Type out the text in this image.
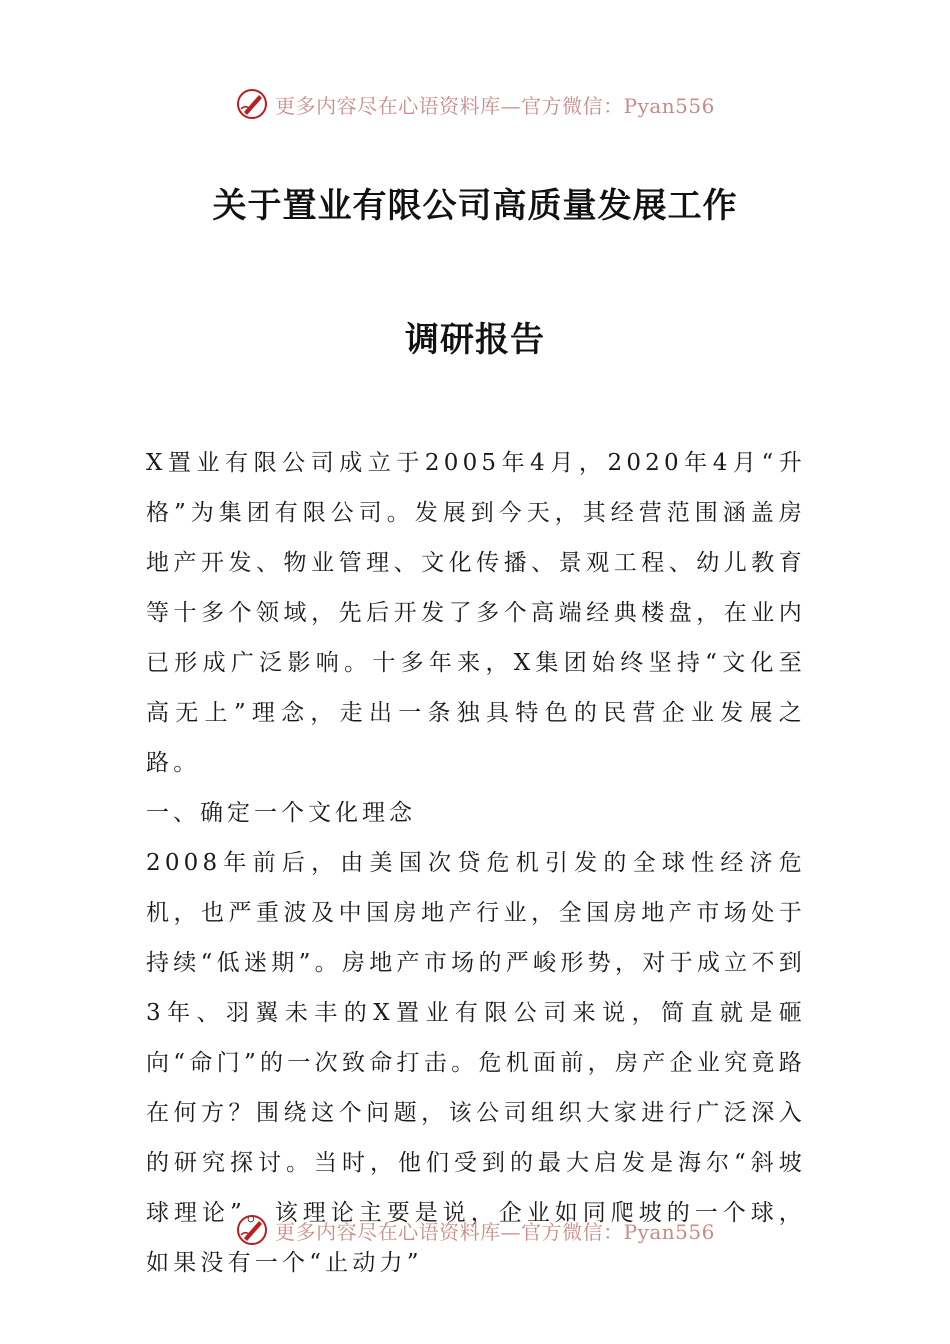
更多内容尽在心语资料库—官方微信：Pyan556
关于置业有限公司高质量发展工作
调研报告

X置业有限公司成立于2005年4月，2020年4月“升格”为集团有限公司。发展到今天，其经营范围涵盖房地产开发、物业管理、文化传播、景观工程、幼儿教育等十多个领域，先后开发了多个高端经典楼盘，在业内已形成广泛影响。十多年来，X集团始终坚持“文化至高无上”理念，走出一条独具特色的民营企业发展之路。

一、确定一个文化理念

2008年前后，由美国次贷危机引发的全球性经济危机，也严重波及中国房地产行业，全国房地产市场处于持续“低迷期”。房地产市场的严峻形势，对于成立不到3年、羽翼未丰的X置业有限公司来说，简直就是砸向“命门”的一次致命打击。危机面前，房产企业究竟路在何方？围绕这个问题，该公司组织大家进行广泛深入的研究探讨。当时，他们受到的最大启发是海尔“斜坡球理论”。该理论主要是说，企业如同爬坡的一个球，如果没有一个“止动力”

更多内容尽在心语资料库—官方微信：Pyan556
